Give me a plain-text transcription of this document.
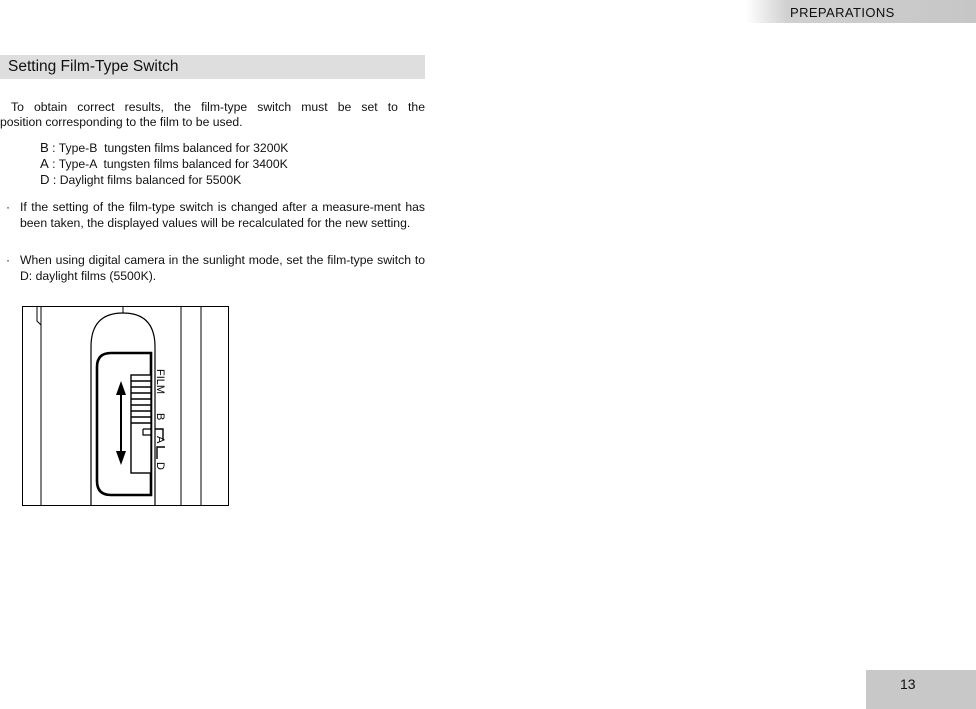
PREPARATIONS
Setting Film-Type Switch

To obtain correct results, the film-type switch must be set to the

position corresponding to the film to be used.

B : Type-B  tungsten films balanced for 3200K
A : Type-A  tungsten films balanced for 3400K
D : Daylight films balanced for 5500K
· If the setting of the film-type switch is changed after a measure-ment has been taken, the displayed values will be recalculated for the new setting.
· When using digital camera in the sunlight mode, set the film-type switch to D: daylight films (5500K).
FILM
B
A
D
13
